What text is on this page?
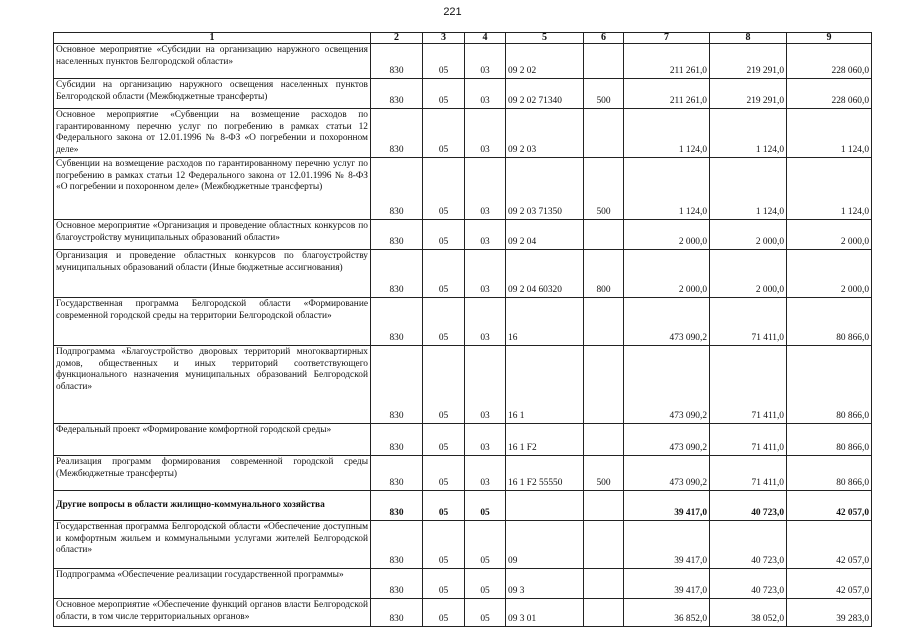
221
1	2	3	4	5	6	7	8	9
Основное мероприятие «Субсидии на организацию наружного освещения населенных пунктов Белгородской области»	830	05	03	09 2 02		211 261,0	219 291,0	228 060,0
Субсидии на организацию наружного освещения населенных пунктов Белгородской области (Межбюджетные трансферты)	830	05	03	09 2 02 71340	500	211 261,0	219 291,0	228 060,0
Основное мероприятие «Субвенции на возмещение расходов по гарантированному перечню услуг по погребению в рамках статьи 12 Федерального закона от 12.01.1996 № 8-ФЗ «О погребении и похоронном деле»	830	05	03	09 2 03		1 124,0	1 124,0	1 124,0
Субвенции на возмещение расходов по гарантированному перечню услуг по погребению в рамках статьи 12 Федерального закона от 12.01.1996 № 8-ФЗ «О погребении и похоронном деле» (Межбюджетные трансферты)	830	05	03	09 2 03 71350	500	1 124,0	1 124,0	1 124,0
Основное мероприятие «Организация и проведение областных конкурсов по благоустройству муниципальных образований области»	830	05	03	09 2 04		2 000,0	2 000,0	2 000,0
Организация и проведение областных конкурсов по благоустройству муниципальных образований области (Иные бюджетные ассигнования)	830	05	03	09 2 04 60320	800	2 000,0	2 000,0	2 000,0
Государственная программа Белгородской области «Формирование современной городской среды на территории Белгородской области»	830	05	03	16		473 090,2	71 411,0	80 866,0
Подпрограмма «Благоустройство дворовых территорий многоквартирных домов, общественных и иных территорий соответствующего функционального назначения муниципальных образований Белгородской области»	830	05	03	16 1		473 090,2	71 411,0	80 866,0
Федеральный проект «Формирование комфортной городской среды»	830	05	03	16 1 F2		473 090,2	71 411,0	80 866,0
Реализация программ формирования современной городской среды (Межбюджетные трансферты)	830	05	03	16 1 F2 55550	500	473 090,2	71 411,0	80 866,0
Другие вопросы в области жилищно-коммунального хозяйства	830	05	05			39 417,0	40 723,0	42 057,0
Государственная программа Белгородской области «Обеспечение доступным и комфортным жильем и коммунальными услугами жителей Белгородской области»	830	05	05	09		39 417,0	40 723,0	42 057,0
Подпрограмма «Обеспечение реализации государственной программы»	830	05	05	09 3		39 417,0	40 723,0	42 057,0
Основное мероприятие «Обеспечение функций органов власти Белгородской области, в том числе территориальных органов»	830	05	05	09 3 01		36 852,0	38 052,0	39 283,0
